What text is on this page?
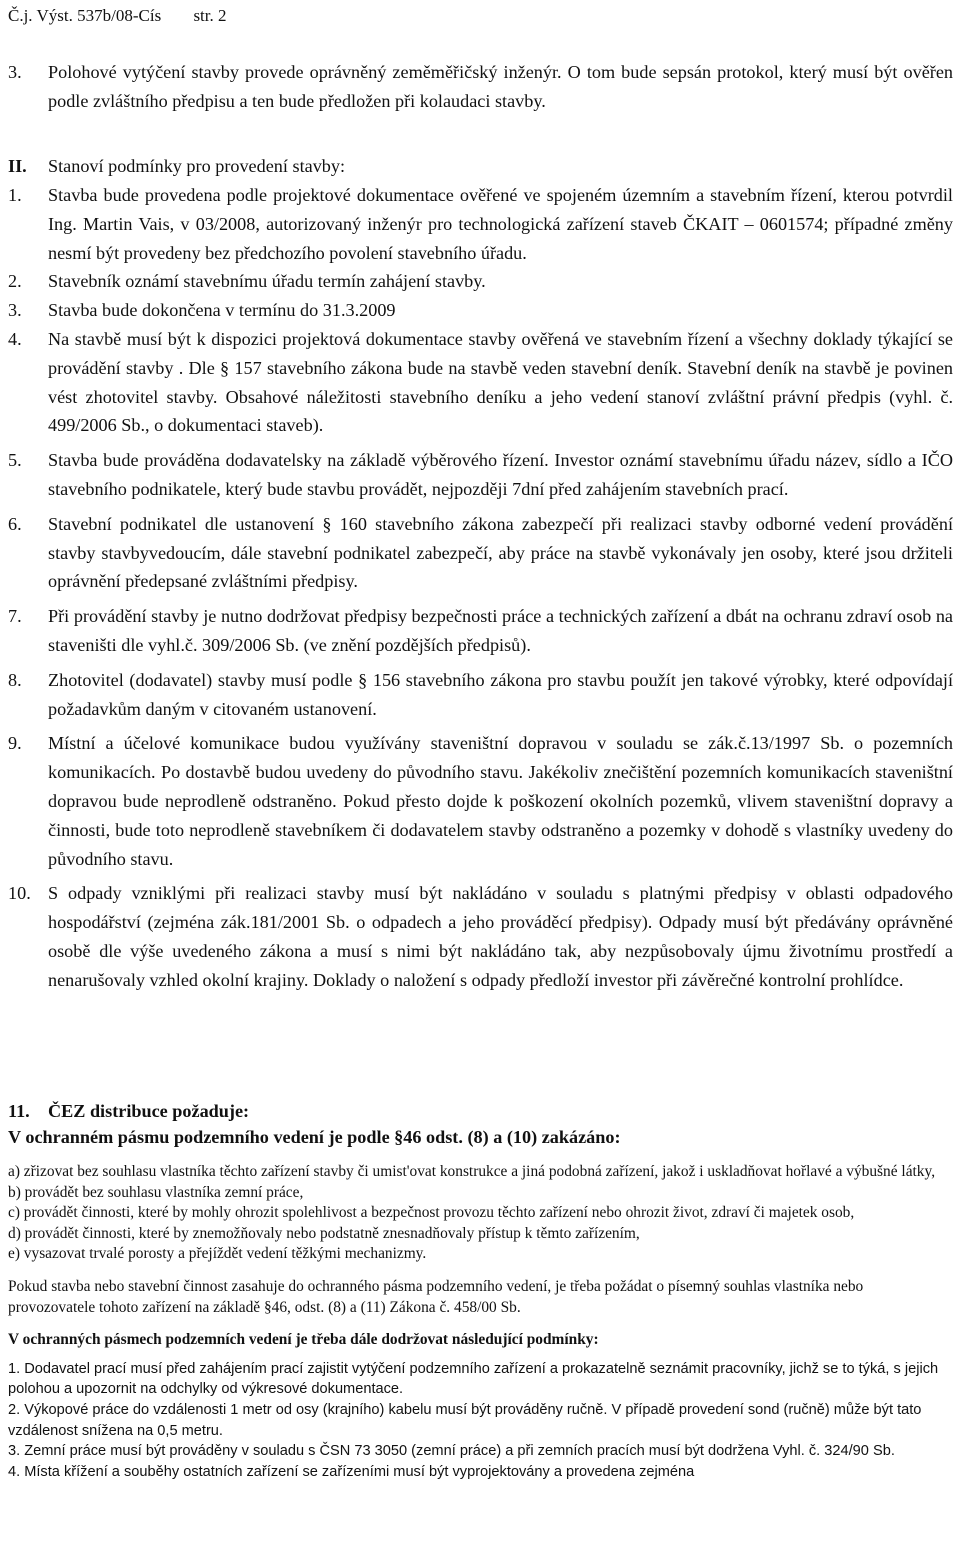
Č.j. Výst. 537b/08-Cís str. 2
3.	Polohové vytýčení stavby provede oprávněný zeměměřičský inženýr. O tom bude sepsán protokol, který musí být ověřen podle zvláštního předpisu a ten bude předložen při kolaudaci stavby.
II. Stanoví podmínky pro provedení stavby:
1.	Stavba bude provedena podle projektové dokumentace ověřené ve spojeném územním a stavebním řízení, kterou potvrdil Ing. Martin Vais, v 03/2008, autorizovaný inženýr pro technologická zařízení staveb ČKAIT – 0601574; případné změny nesmí být provedeny bez předchozího povolení stavebního úřadu.
2.	Stavebník oznámí stavebnímu úřadu termín zahájení stavby.
3.	Stavba bude dokončena v termínu do 31.3.2009
4.	Na stavbě musí být k dispozici projektová dokumentace stavby ověřená ve stavebním řízení a všechny doklady týkající se provádění stavby . Dle § 157 stavebního zákona bude na stavbě veden stavební deník. Stavební deník na stavbě je povinen vést zhotovitel stavby. Obsahové náležitosti stavebního deníku a jeho vedení stanoví zvláštní právní předpis (vyhl. č. 499/2006 Sb., o dokumentaci staveb).
5.	Stavba bude prováděna dodavatelsky na základě výběrového řízení. Investor oznámí stavebnímu úřadu název, sídlo a IČO stavebního podnikatele, který bude stavbu provádět, nejpozději 7dní před zahájením stavebních prací.
6.	Stavební podnikatel dle ustanovení § 160 stavebního zákona zabezpečí při realizaci stavby odborné vedení provádění stavby stavbyvedoucím, dále stavební podnikatel zabezpečí, aby práce na stavbě vykonávaly jen osoby, které jsou držiteli oprávnění předepsané zvláštními předpisy.
7.	Při provádění stavby je nutno dodržovat předpisy bezpečnosti práce a technických zařízení a dbát na ochranu zdraví osob na staveništi dle vyhl.č. 309/2006 Sb. (ve znění pozdějších předpisů).
8.	Zhotovitel (dodavatel) stavby musí podle § 156 stavebního zákona pro stavbu použít jen takové výrobky, které odpovídají požadavkům daným v citovaném ustanovení.
9.	Místní a účelové komunikace budou využívány staveništní dopravou v souladu se zák.č.13/1997 Sb. o pozemních komunikacích. Po dostavbě budou uvedeny do původního stavu. Jakékoliv znečištění pozemních komunikacích staveništní dopravou bude neprodleně odstraněno. Pokud přesto dojde k poškození okolních pozemků, vlivem staveništní dopravy a činnosti, bude toto neprodleně stavebníkem či dodavatelem stavby odstraněno a pozemky v dohodě s vlastníky uvedeny do původního stavu.
10. S odpady vzniklými při realizaci stavby musí být nakládáno v souladu s platnými předpisy v oblasti odpadového hospodářství (zejména zák.181/2001 Sb. o odpadech a jeho prováděcí předpisy). Odpady musí být předávány oprávněné osobě dle výše uvedeného zákona a musí s nimi být nakládáno tak, aby nezpůsobovaly újmu životnímu prostředí a nenarušovaly vzhled okolní krajiny. Doklady o naložení s odpady předloží investor při závěrečné kontrolní prohlídce.
11. ČEZ distribuce požaduje:
V ochranném pásmu podzemního vedení je podle §46 odst. (8) a (10) zakázáno:

a) zřizovat bez souhlasu vlastníka těchto zařízení stavby či umist'ovat konstrukce a jiná podobná zařízení, jakož i uskladňovat hořlavé a výbušné látky,

b) provádět bez souhlasu vlastníka zemní práce,

c) provádět činnosti, které by mohly ohrozit spolehlivost a bezpečnost provozu těchto zařízení nebo ohrozit život, zdraví či majetek osob,

d) provádět činnosti, které by znemožňovaly nebo podstatně znesnadňovaly přístup k těmto zařízením,

e) vysazovat trvalé porosty a přejíždět vedení těžkými mechanizmy.

Pokud stavba nebo stavební činnost zasahuje do ochranného pásma podzemního vedení, je třeba požádat o písemný souhlas vlastníka nebo provozovatele tohoto zařízení na základě §46, odst. (8) a (11) Zákona č. 458/00 Sb.
V ochranných pásmech podzemních vedení je třeba dále dodržovat následující podmínky:

1. Dodavatel prací musí před zahájením prací zajistit vytýčení podzemního zařízení a prokazatelně seznámit pracovníky, jichž se to týká, s jejich polohou a upozornit na odchylky od výkresové dokumentace.

2. Výkopové práce do vzdálenosti 1 metr od osy (krajního) kabelu musí být prováděny ručně. V případě provedení sond (ručně) může být tato vzdálenost snížena na 0,5 metru.

3. Zemní práce musí být prováděny v souladu s ČSN 73 3050 (zemní práce) a při zemních pracích musí být dodržena Vyhl. č. 324/90 Sb.

4. Místa křížení a souběhy ostatních zařízení se zařízeními musí být vyprojektovány a provedena zejména
